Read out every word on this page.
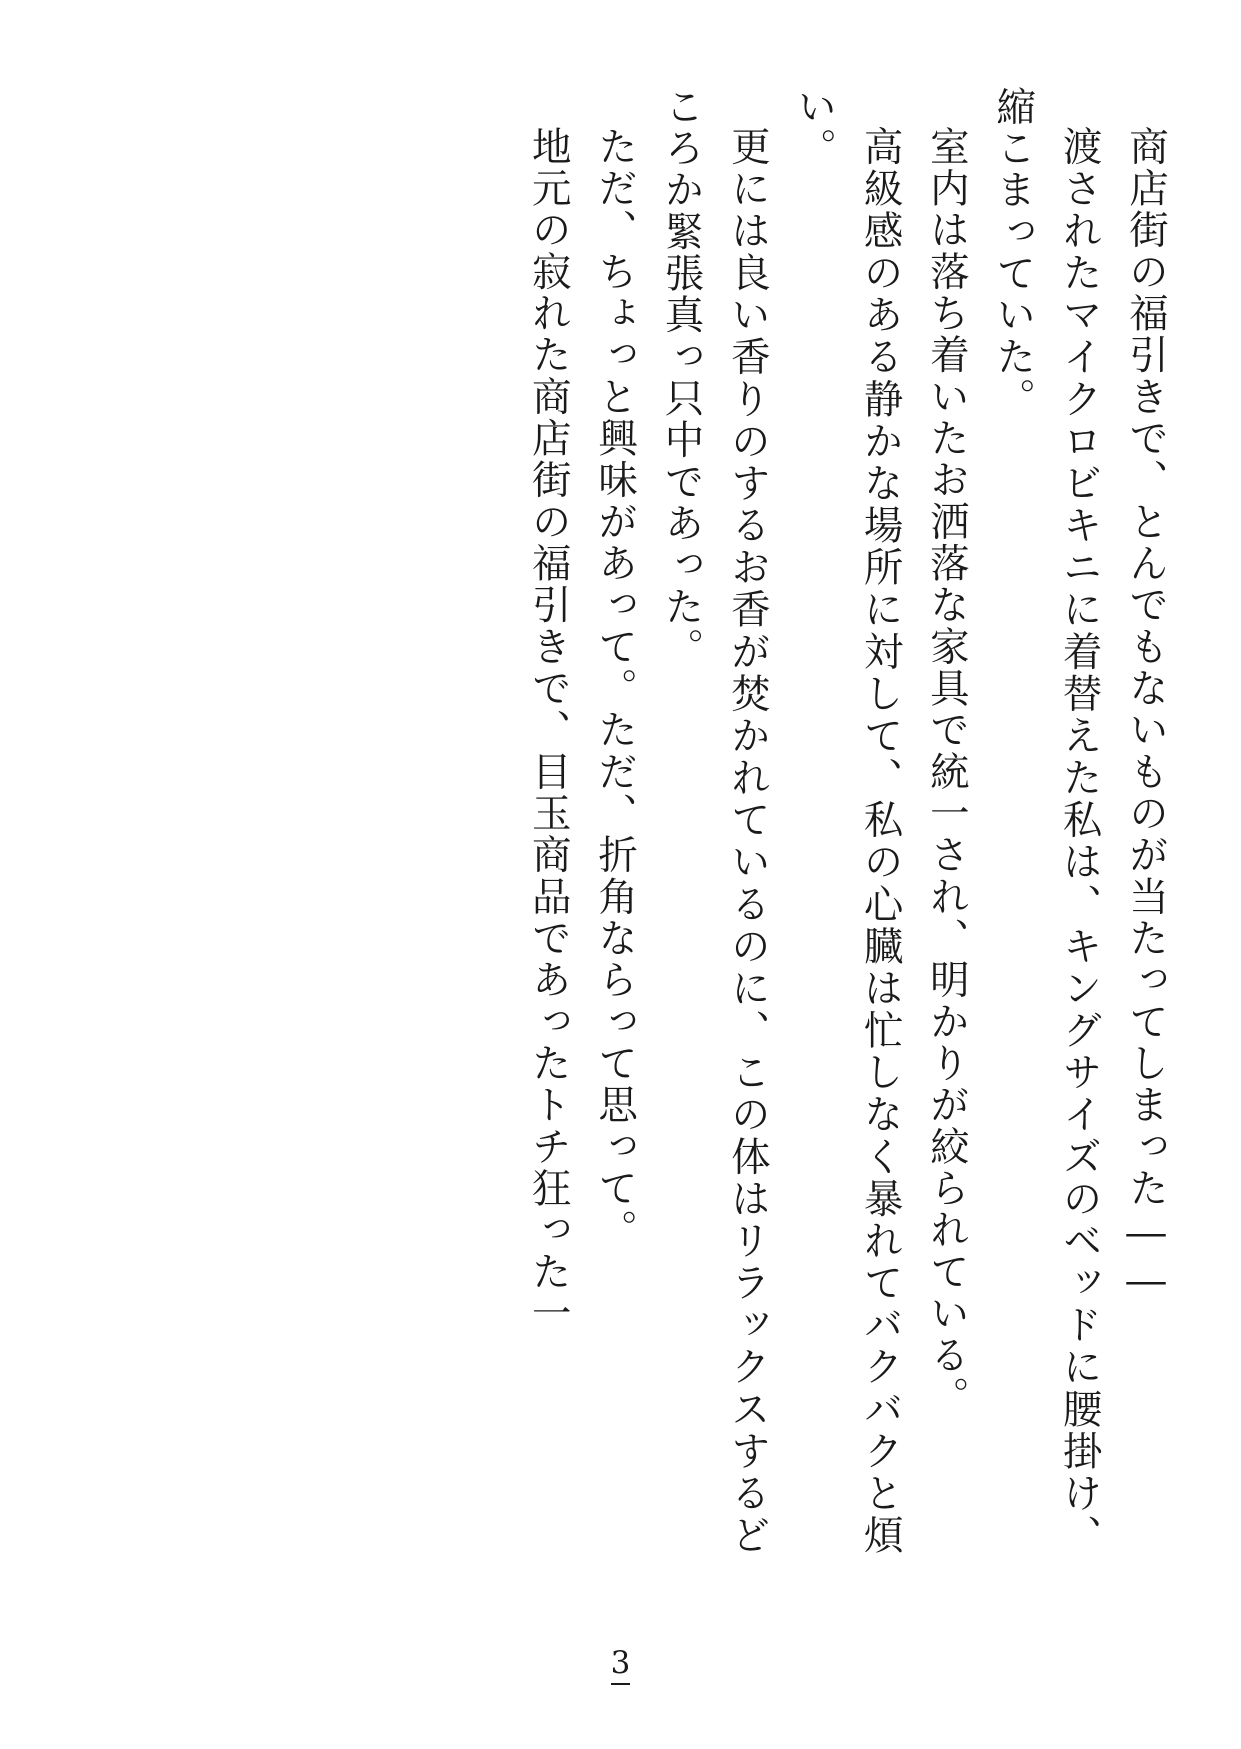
商店街の福引きで、とんでもないものが当たってしまった――

渡されたマイクロビキニに着替えた私は、キングサイズのベッドに腰掛け、縮こまっていた。

室内は落ち着いたお洒落な家具で統一され、明かりが絞られている。

高級感のある静かな場所に対して、私の心臓は忙しなく暴れてバクバクと煩い。

更には良い香りのするお香が焚かれているのに、この体はリラックスするどころか緊張真っ只中であった。

ただ、ちょっと興味があって。ただ、折角ならって思って。

地元の寂れた商店街の福引きで、目玉商品であったトチ狂った一

3
